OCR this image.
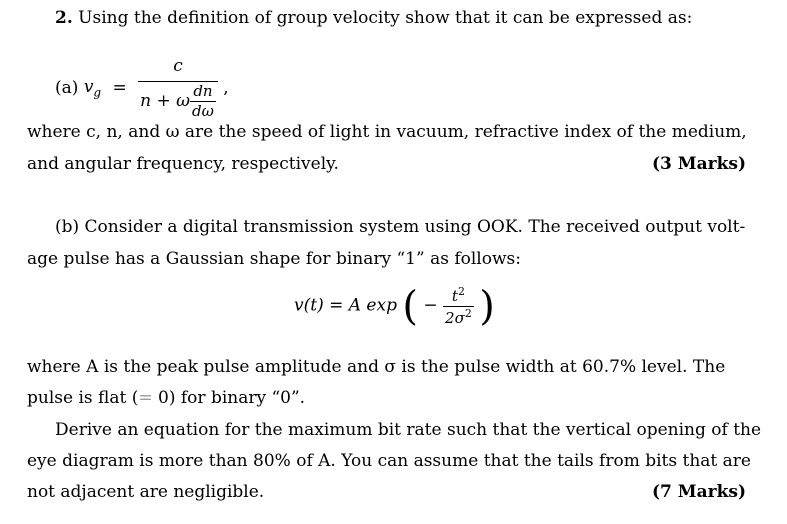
2. Using the definition of group velocity show that it can be expressed as:
(a) $v_g = \frac{c}{n + \omega \frac{dn}{d\omega}}$ ,
where c, n, and ω are the speed of light in vacuum, refractive index of the medium,
and angular frequency, respectively.	(3 Marks)
(b) Consider a digital transmission system using OOK. The received output volt-
age pulse has a Gaussian shape for binary “1” as follows:
v(t) = A exp ( − $\frac{t^2}{2\sigma^2}$ )
where A is the peak pulse amplitude and σ is the pulse width at 60.7% level. The
pulse is flat (= 0) for binary “0”.
Derive an equation for the maximum bit rate such that the vertical opening of the
eye diagram is more than 80% of A. You can assume that the tails from bits that are
not adjacent are negligible.	(7 Marks)
